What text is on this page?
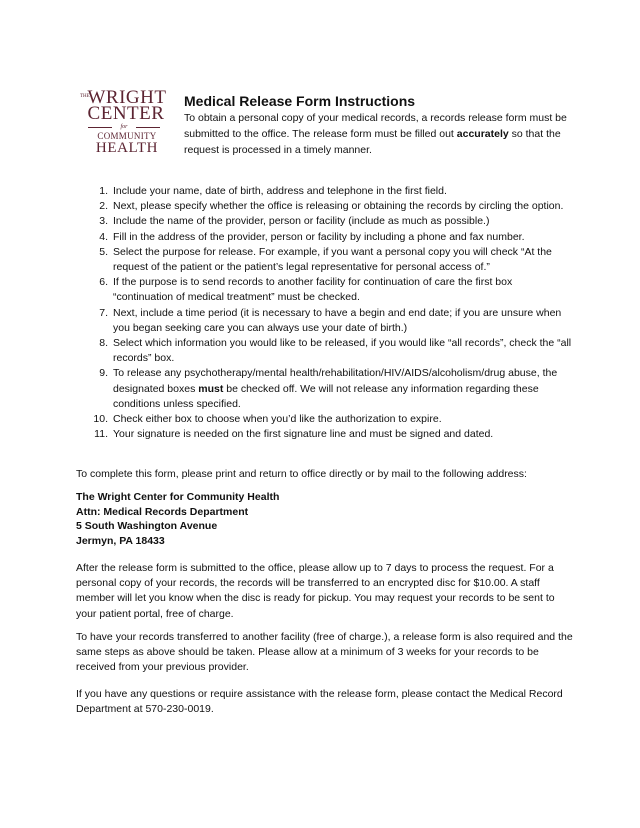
THE
WRIGHT
CENTER
for
COMMUNITY
HEALTH
Medical Release Form Instructions

To obtain a personal copy of your medical records, a records release form must be submitted to the office. The release form must be filled out accurately so that the request is processed in a timely manner.

1. Include your name, date of birth, address and telephone in the first field.
2. Next, please specify whether the office is releasing or obtaining the records by circling the option.
3. Include the name of the provider, person or facility (include as much as possible.)
4. Fill in the address of the provider, person or facility by including a phone and fax number.
5. Select the purpose for release. For example, if you want a personal copy you will check “At the request of the patient or the patient’s legal representative for personal access of.”
6. If the purpose is to send records to another facility for continuation of care the first box “continuation of medical treatment” must be checked.
7. Next, include a time period (it is necessary to have a begin and end date; if you are unsure when you began seeking care you can always use your date of birth.)
8. Select which information you would like to be released, if you would like “all records”, check the “all records” box.
9. To release any psychotherapy/mental health/rehabilitation/HIV/AIDS/alcoholism/drug abuse, the designated boxes must be checked off. We will not release any information regarding these conditions unless specified.
10. Check either box to choose when you’d like the authorization to expire.
11. Your signature is needed on the first signature line and must be signed and dated.

To complete this form, please print and return to office directly or by mail to the following address:

The Wright Center for Community Health
Attn: Medical Records Department
5 South Washington Avenue
Jermyn, PA 18433

After the release form is submitted to the office, please allow up to 7 days to process the request. For a personal copy of your records, the records will be transferred to an encrypted disc for $10.00. A staff member will let you know when the disc is ready for pickup. You may request your records to be sent to your patient portal, free of charge.

To have your records transferred to another facility (free of charge.), a release form is also required and the same steps as above should be taken. Please allow at a minimum of 3 weeks for your records to be received from your previous provider.

If you have any questions or require assistance with the release form, please contact the Medical Record Department at 570-230-0019.
